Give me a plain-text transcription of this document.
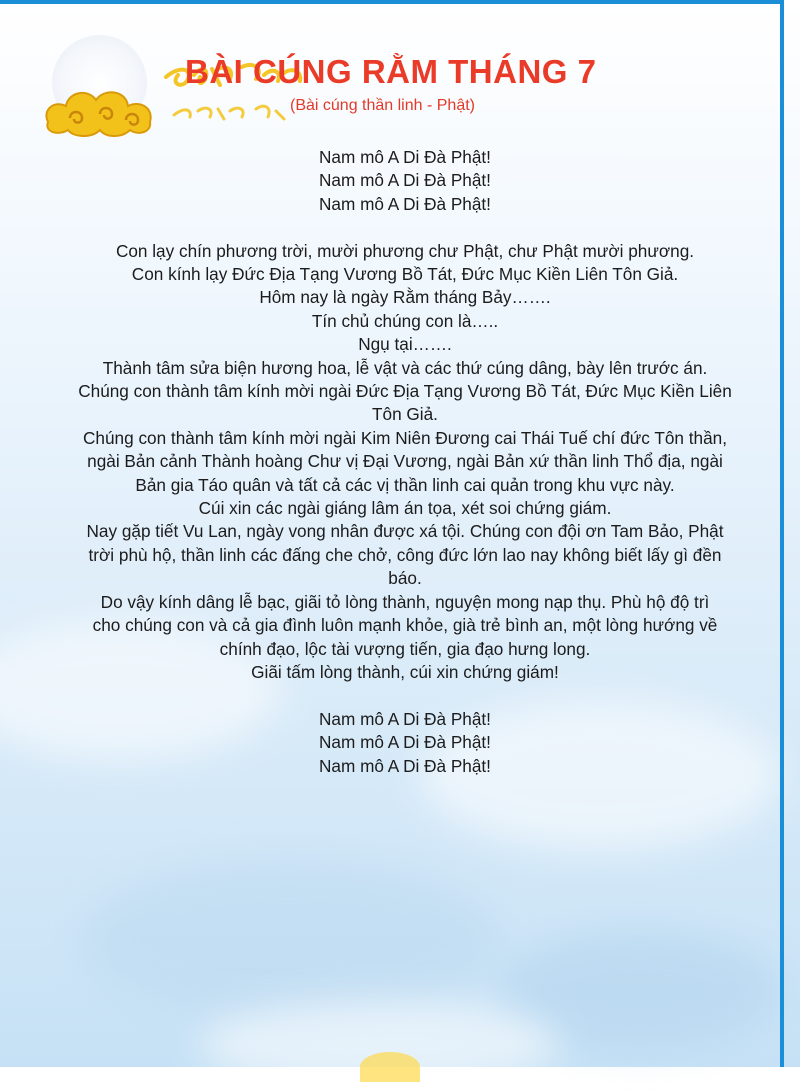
BÀI CÚNG RẰM THÁNG 7
(Bài cúng thần linh - Phật)
Nam mô A Di Đà Phật!
Nam mô A Di Đà Phật!
Nam mô A Di Đà Phật!
Con lạy chín phương trời, mười phương chư Phật, chư Phật mười phương.
Con kính lạy Đức Địa Tạng Vương Bồ Tát, Đức Mục Kiền Liên Tôn Giả.
Hôm nay là ngày Rằm tháng Bảy…….
Tín chủ chúng con là…..
Ngụ tại…….
Thành tâm sửa biện hương hoa, lễ vật và các thứ cúng dâng, bày lên trước án.
Chúng con thành tâm kính mời ngài Đức Địa Tạng Vương Bồ Tát, Đức Mục Kiền Liên
Tôn Giả.
Chúng con thành tâm kính mời ngài Kim Niên Đương cai Thái Tuế chí đức Tôn thần,
ngài Bản cảnh Thành hoàng Chư vị Đại Vương, ngài Bản xứ thần linh Thổ địa, ngài
Bản gia Táo quân và tất cả các vị thần linh cai quản trong khu vực này.
Cúi xin các ngài giáng lâm án tọa, xét soi chứng giám.
Nay gặp tiết Vu Lan, ngày vong nhân được xá tội. Chúng con đội ơn Tam Bảo, Phật
trời phù hộ, thần linh các đấng che chở, công đức lớn lao nay không biết lấy gì đền
báo.
Do vậy kính dâng lễ bạc, giãi tỏ lòng thành, nguyện mong nạp thụ. Phù hộ độ trì
cho chúng con và cả gia đình luôn mạnh khỏe, già trẻ bình an, một lòng hướng về
chính đạo, lộc tài vượng tiến, gia đạo hưng long.
Giãi tấm lòng thành, cúi xin chứng giám!
Nam mô A Di Đà Phật!
Nam mô A Di Đà Phật!
Nam mô A Di Đà Phật!
